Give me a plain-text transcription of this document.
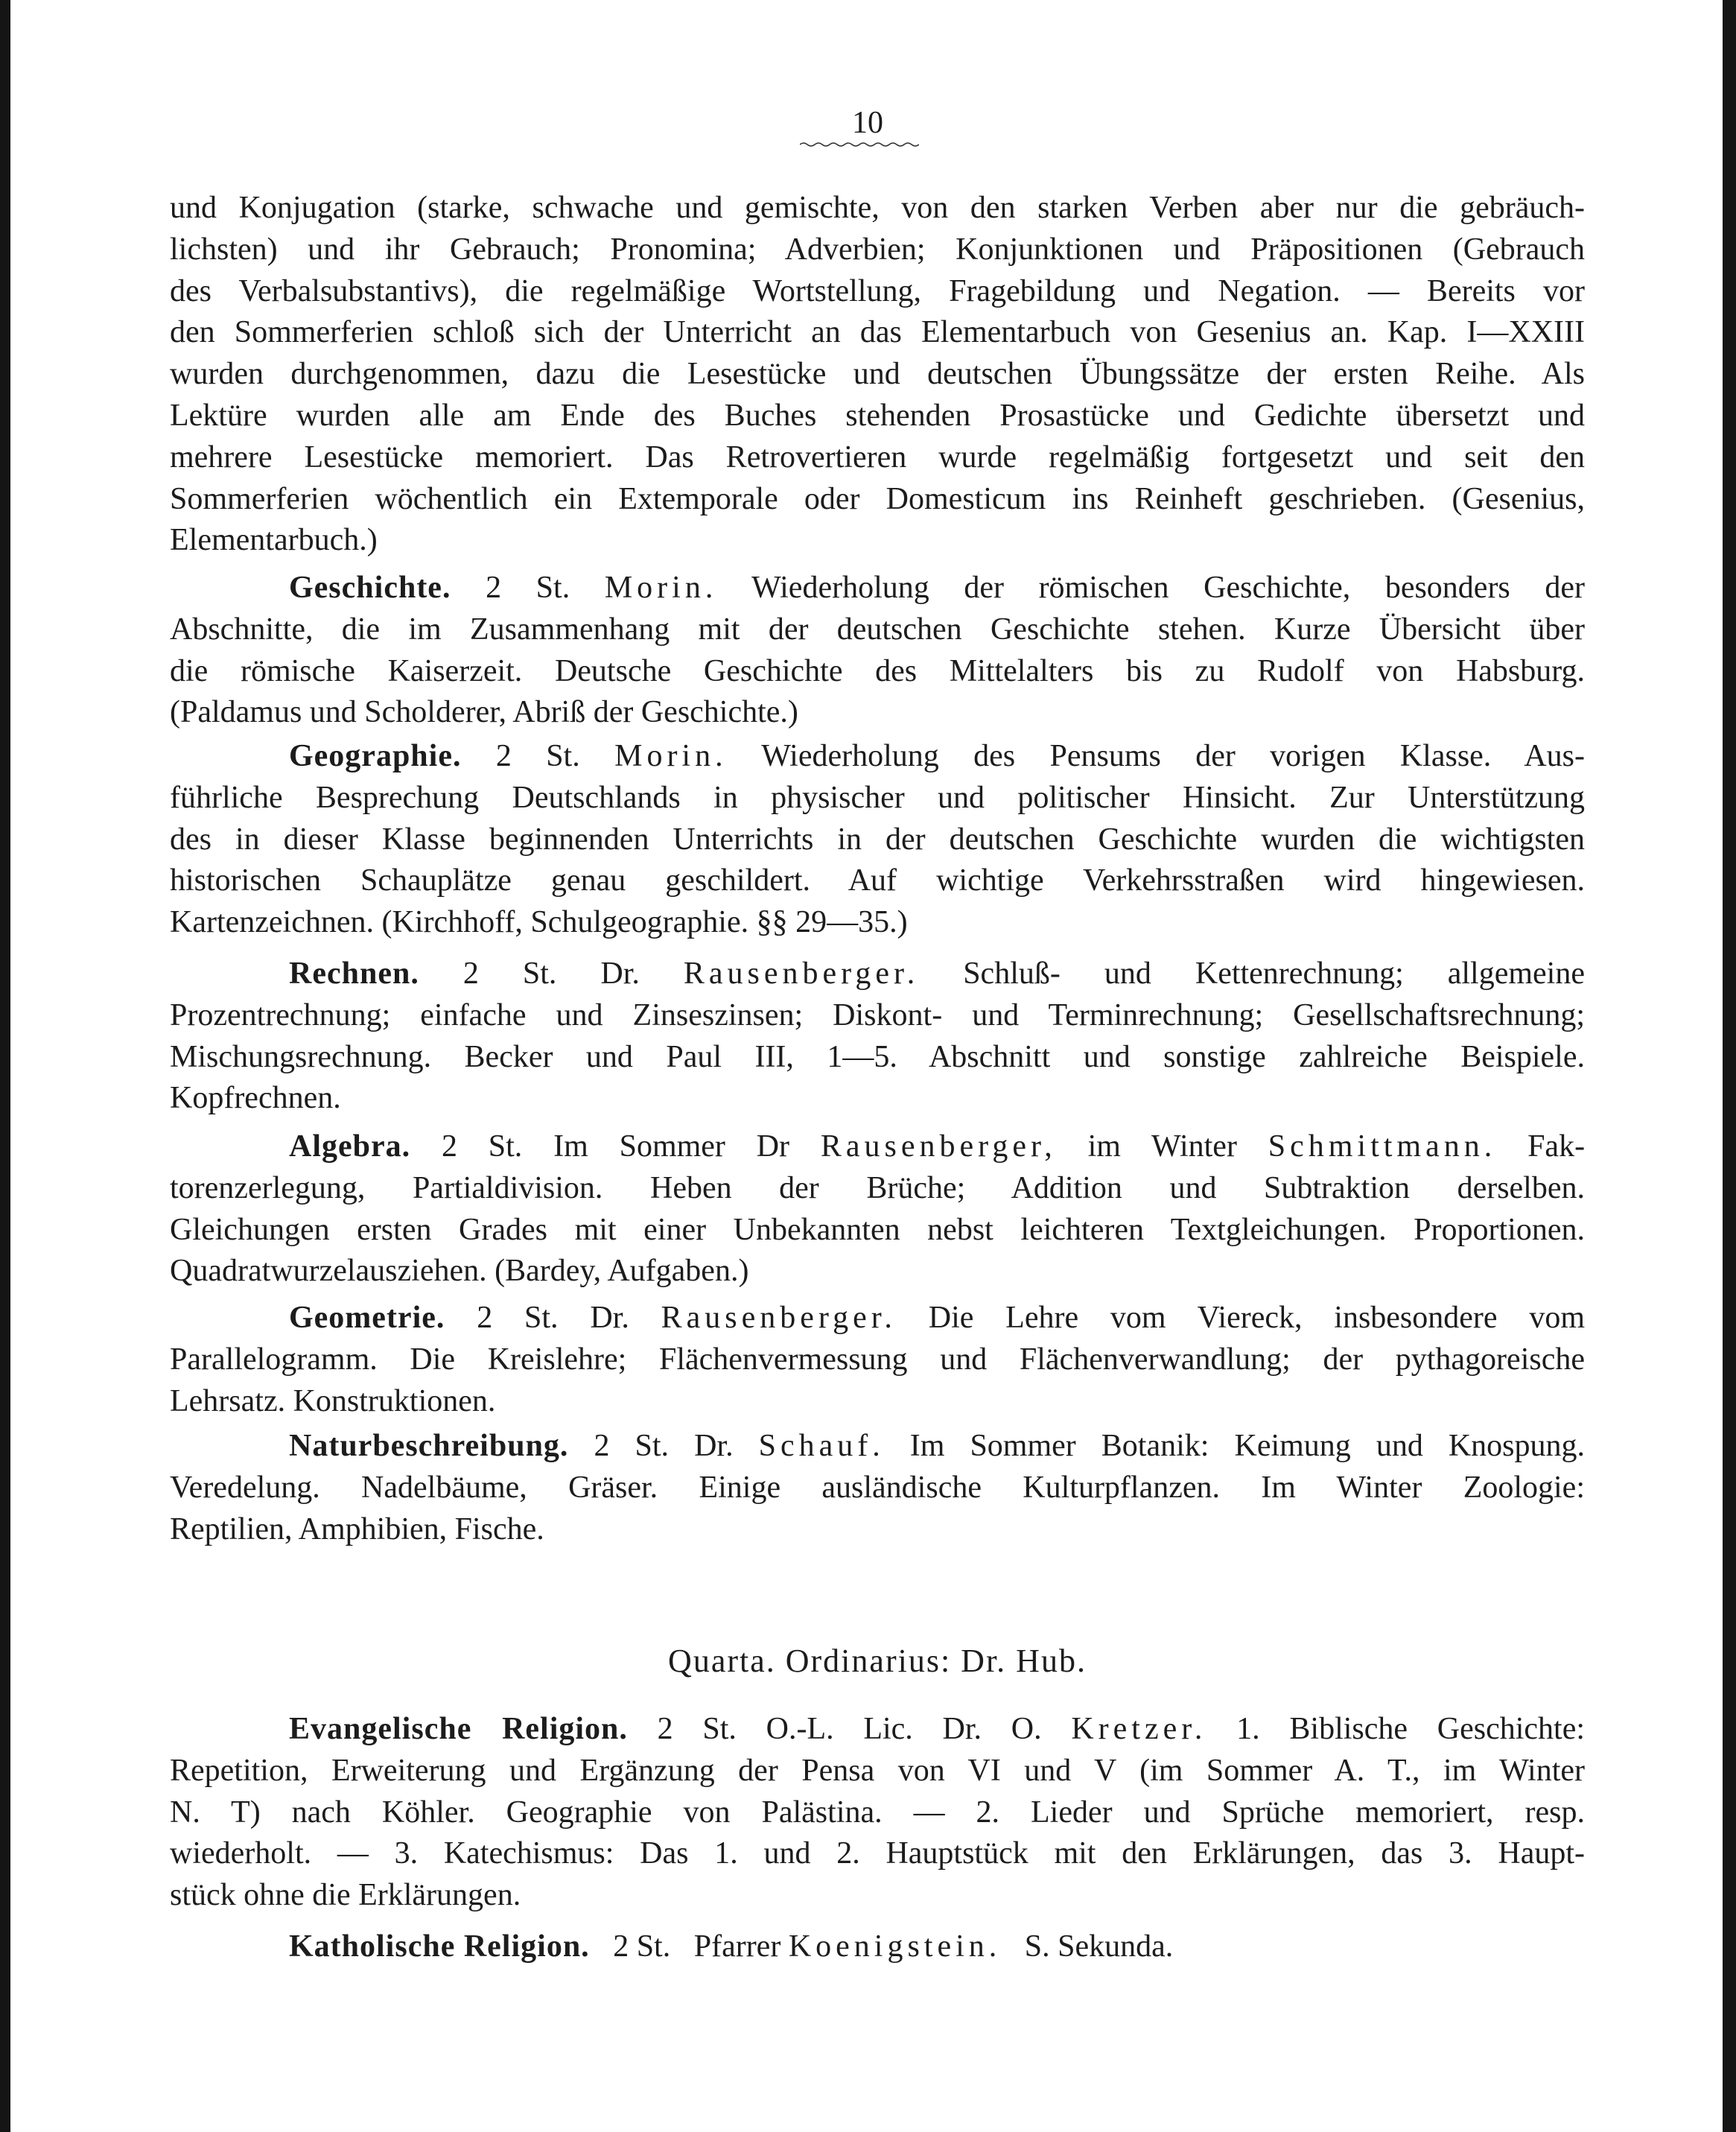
10
und Konjugation (starke, schwache und gemischte, von den starken Verben aber nur die gebräuch-
lichsten) und ihr Gebrauch; Pronomina; Adverbien; Konjunktionen und Präpositionen (Gebrauch
des Verbalsubstantivs), die regelmäßige Wortstellung, Fragebildung und Negation. — Bereits vor
den Sommerferien schloß sich der Unterricht an das Elementarbuch von Gesenius an. Kap. I—XXIII
wurden durchgenommen, dazu die Lesestücke und deutschen Übungssätze der ersten Reihe. Als
Lektüre wurden alle am Ende des Buches stehenden Prosastücke und Gedichte übersetzt und
mehrere Lesestücke memoriert. Das Retrovertieren wurde regelmäßig fortgesetzt und seit den
Sommerferien wöchentlich ein Extemporale oder Domesticum ins Reinheft geschrieben. (Gesenius,
Elementarbuch.)
Geschichte. 2 St. Morin. Wiederholung der römischen Geschichte, besonders der
Abschnitte, die im Zusammenhang mit der deutschen Geschichte stehen. Kurze Übersicht über
die römische Kaiserzeit. Deutsche Geschichte des Mittelalters bis zu Rudolf von Habsburg.
(Paldamus und Scholderer, Abriß der Geschichte.)
Geographie. 2 St. Morin. Wiederholung des Pensums der vorigen Klasse. Aus-
führliche Besprechung Deutschlands in physischer und politischer Hinsicht. Zur Unterstützung
des in dieser Klasse beginnenden Unterrichts in der deutschen Geschichte wurden die wichtigsten
historischen Schauplätze genau geschildert. Auf wichtige Verkehrsstraßen wird hingewiesen.
Kartenzeichnen. (Kirchhoff, Schulgeographie. §§ 29—35.)
Rechnen. 2 St. Dr. Rausenberger. Schluß- und Kettenrechnung; allgemeine
Prozentrechnung; einfache und Zinseszinsen; Diskont- und Terminrechnung; Gesellschaftsrechnung;
Mischungsrechnung. Becker und Paul III, 1—5. Abschnitt und sonstige zahlreiche Beispiele.
Kopfrechnen.
Algebra. 2 St. Im Sommer Dr Rausenberger, im Winter Schmittmann. Fak-
torenzerlegung, Partialdivision. Heben der Brüche; Addition und Subtraktion derselben.
Gleichungen ersten Grades mit einer Unbekannten nebst leichteren Textgleichungen. Proportionen.
Quadratwurzelausziehen. (Bardey, Aufgaben.)
Geometrie. 2 St. Dr. Rausenberger. Die Lehre vom Viereck, insbesondere vom
Parallelogramm. Die Kreislehre; Flächenvermessung und Flächenverwandlung; der pythagoreische
Lehrsatz. Konstruktionen.
Naturbeschreibung. 2 St. Dr. Schauf. Im Sommer Botanik: Keimung und Knospung.
Veredelung. Nadelbäume, Gräser. Einige ausländische Kulturpflanzen. Im Winter Zoologie:
Reptilien, Amphibien, Fische.
Quarta. Ordinarius: Dr. Hub.
Evangelische Religion. 2 St. O.-L. Lic. Dr. O. Kretzer. 1. Biblische Geschichte:
Repetition, Erweiterung und Ergänzung der Pensa von VI und V (im Sommer A. T., im Winter
N. T) nach Köhler. Geographie von Palästina. — 2. Lieder und Sprüche memoriert, resp.
wiederholt. — 3. Katechismus: Das 1. und 2. Hauptstück mit den Erklärungen, das 3. Haupt-
stück ohne die Erklärungen.
Katholische Religion. 2 St. Pfarrer Koenigstein. S. Sekunda.
